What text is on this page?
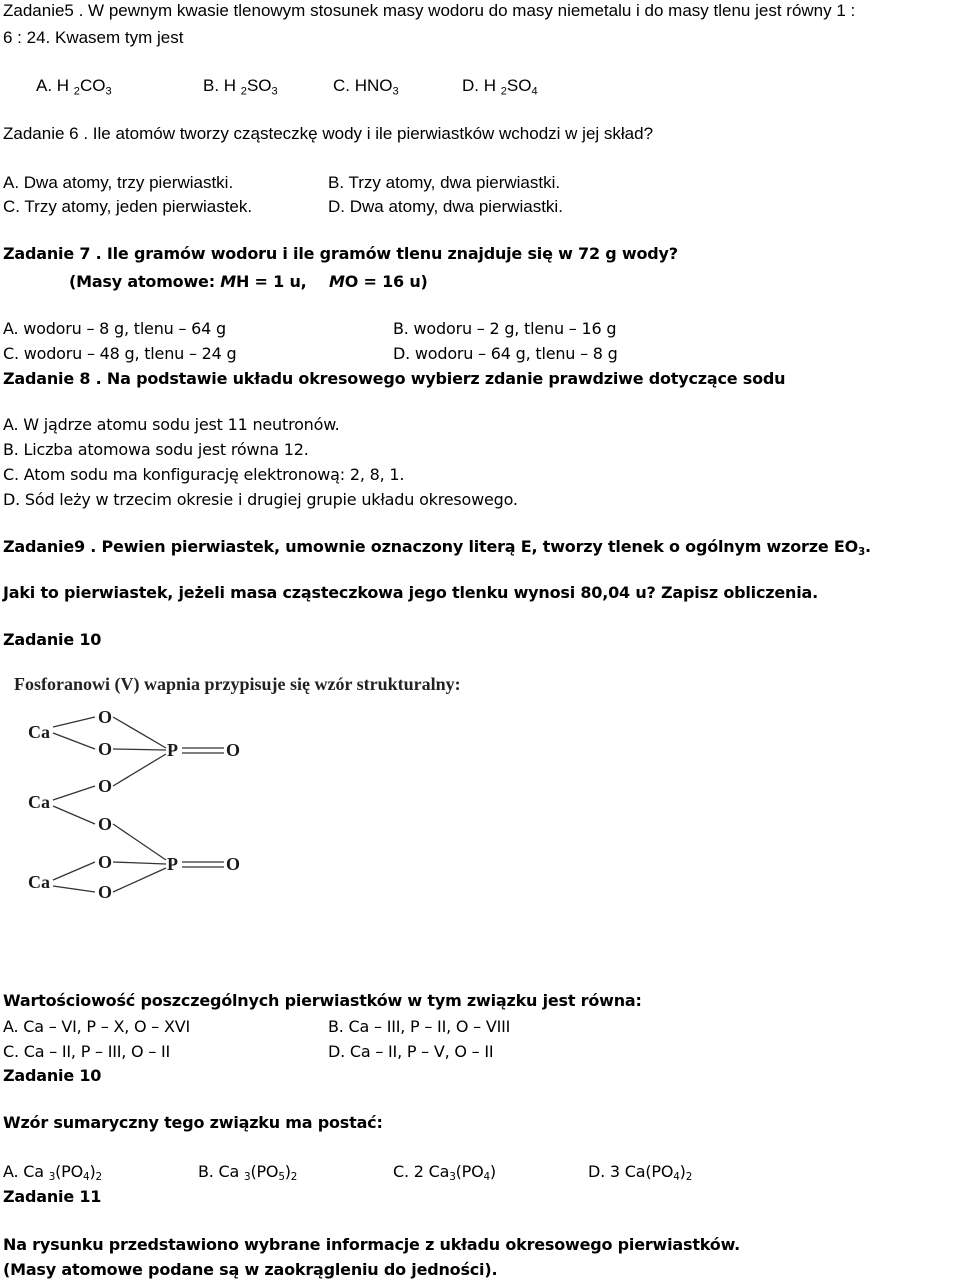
Zadanie5 . W pewnym kwasie tlenowym stosunek masy wodoru do masy niemetalu i do masy tlenu jest równy 1 :
6 : 24. Kwasem tym jest
A. H $_2CO_3$	B. H $_2SO_3$	C. $HNO_3$	D. H $_2SO_4$
Zadanie 6 . Ile atomów tworzy cząsteczkę wody i ile pierwiastków wchodzi w jej skład?
A. Dwa atomy, trzy pierwiastki.	B. Trzy atomy, dwa pierwiastki.
C. Trzy atomy, jeden pierwiastek.	D. Dwa atomy, dwa pierwiastki.
Zadanie 7 . Ile gramów wodoru i ile gramów tlenu znajduje się w 72 g wody?
(Masy atomowe: MH = 1 u, MO = 16 u)
A. wodoru – 8 g, tlenu – 64 g	B. wodoru – 2 g, tlenu – 16 g
C. wodoru – 48 g, tlenu – 24 g	D. wodoru – 64 g, tlenu – 8 g
Zadanie 8 . Na podstawie układu okresowego wybierz zdanie prawdziwe dotyczące sodu
A. W jądrze atomu sodu jest 11 neutronów.
B. Liczba atomowa sodu jest równa 12.
C. Atom sodu ma konfigurację elektronową: 2, 8, 1.
D. Sód leży w trzecim okresie i drugiej grupie układu okresowego.
Zadanie9 . Pewien pierwiastek, umownie oznaczony literą E, tworzy tlenek o ogólnym wzorze $EO_3$.
Jaki to pierwiastek, jeżeli masa cząsteczkowa jego tlenku wynosi 80,04 u? Zapisz obliczenia.
Zadanie 10
Fosforanowi (V) wapnia przypisuje się wzór strukturalny:
Ca
O
O	P	O
Ca
O
O
O	P	O
Ca	O
Wartościowość poszczególnych pierwiastków w tym związku jest równa:
A. Ca – VI, P – X, O – XVI	B. Ca – III, P – II, O – VIII
C. Ca – II, P – III, O – II	D. Ca – II, P – V, O – II
Zadanie 10
Wzór sumaryczny tego związku ma postać:
A. Ca $_3(PO_4)_2$	B. Ca $_3(PO_5)_2$	C. 2 $Ca_3(PO_4)$	D. 3 $Ca(PO_4)_2$
Zadanie 11
Na rysunku przedstawiono wybrane informacje z układu okresowego pierwiastków.
(Masy atomowe podane są w zaokrągleniu do jedności).
